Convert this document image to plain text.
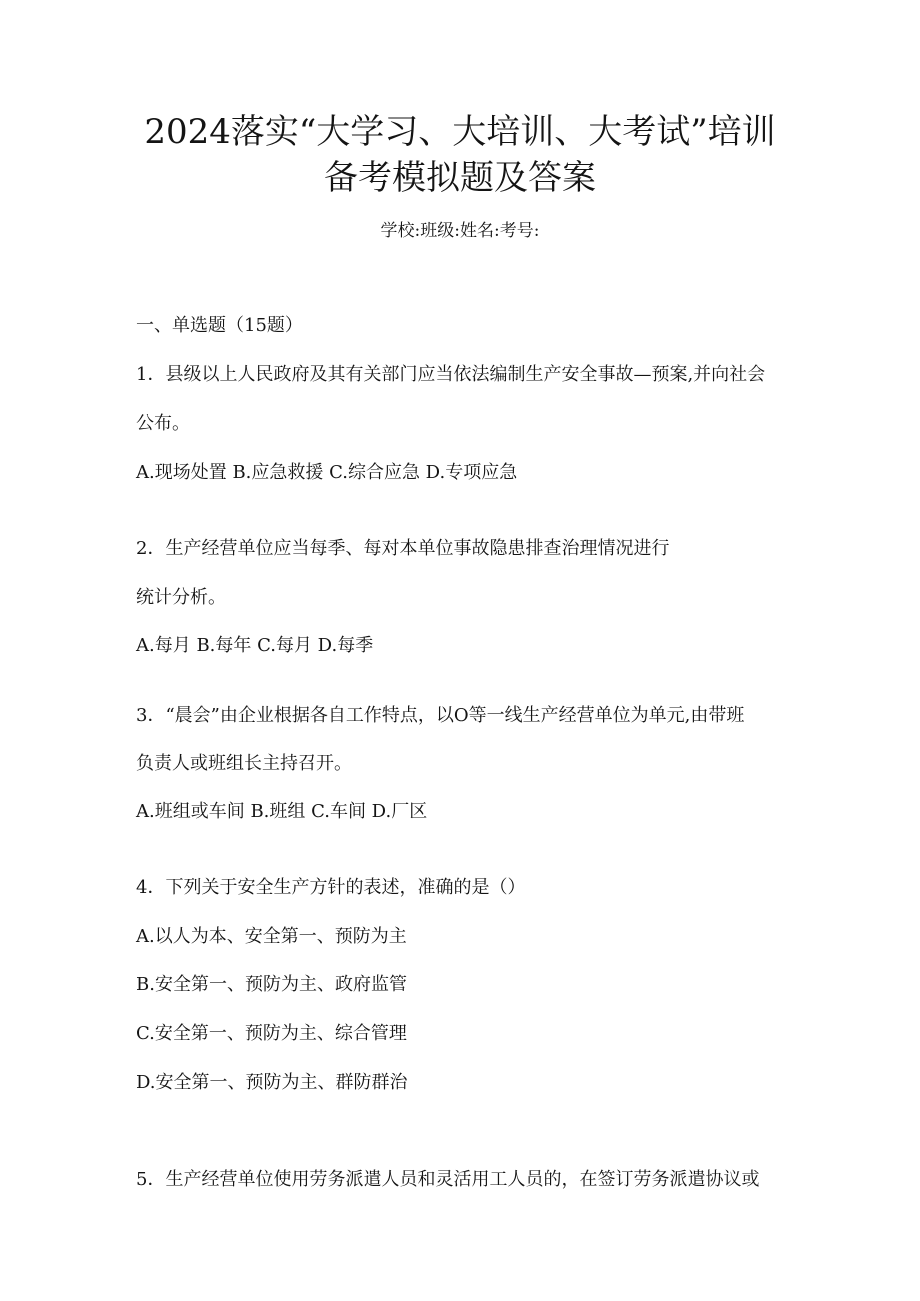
2024落实“大学习、大培训、大考试”培训
备考模拟题及答案
学校:班级:姓名:考号:
一、单选题（15题）
1．县级以上人民政府及其有关部门应当依法编制生产安全事故—预案,并向社会
公布。
A.现场处置 B.应急救援 C.综合应急 D.专项应急
2．生产经营单位应当每季、每对本单位事故隐患排查治理情况进行
统计分析。
A.每月 B.每年 C.每月 D.每季
3．“晨会”由企业根据各自工作特点，以O等一线生产经营单位为单元,由带班
负责人或班组长主持召开。
A.班组或车间 B.班组 C.车间 D.厂区
4．下列关于安全生产方针的表述，准确的是（）
A.以人为本、安全第一、预防为主
B.安全第一、预防为主、政府监管
C.安全第一、预防为主、综合管理
D.安全第一、预防为主、群防群治
5．生产经营单位使用劳务派遣人员和灵活用工人员的，在签订劳务派遣协议或
